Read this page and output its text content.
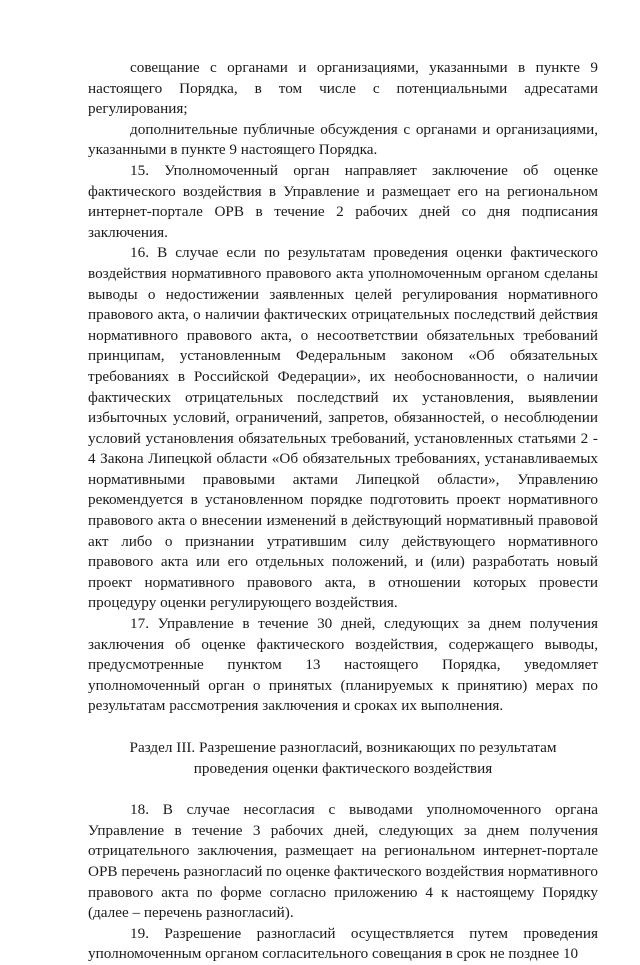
совещание с органами и организациями, указанными в пункте 9 настоящего Порядка, в том числе с потенциальными адресатами регулирования;

дополнительные публичные обсуждения с органами и организациями, указанными в пункте 9 настоящего Порядка.

15. Уполномоченный орган направляет заключение об оценке фактического воздействия в Управление и размещает его на региональном интернет-портале ОРВ в течение 2 рабочих дней со дня подписания заключения.

16. В случае если по результатам проведения оценки фактического воздействия нормативного правового акта уполномоченным органом сделаны выводы о недостижении заявленных целей регулирования нормативного правового акта, о наличии фактических отрицательных последствий действия нормативного правового акта, о несоответствии обязательных требований принципам, установленным Федеральным законом «Об обязательных требованиях в Российской Федерации», их необоснованности, о наличии фактических отрицательных последствий их установления, выявлении избыточных условий, ограничений, запретов, обязанностей, о несоблюдении условий установления обязательных требований, установленных статьями 2 - 4 Закона Липецкой области «Об обязательных требованиях, устанавливаемых нормативными правовыми актами Липецкой области», Управлению рекомендуется в установленном порядке подготовить проект нормативного правового акта о внесении изменений в действующий нормативный правовой акт либо о признании утратившим силу действующего нормативного правового акта или его отдельных положений, и (или) разработать новый проект нормативного правового акта, в отношении которых провести процедуру оценки регулирующего воздействия.

17. Управление в течение 30 дней, следующих за днем получения заключения об оценке фактического воздействия, содержащего выводы, предусмотренные пунктом 13 настоящего Порядка, уведомляет уполномоченный орган о принятых (планируемых к принятию) мерах по результатам рассмотрения заключения и сроках их выполнения.

Раздел III. Разрешение разногласий, возникающих по результатам
проведения оценки фактического воздействия

18. В случае несогласия с выводами уполномоченного органа Управление в течение 3 рабочих дней, следующих за днем получения отрицательного заключения, размещает на региональном интернет-портале ОРВ перечень разногласий по оценке фактического воздействия нормативного правового акта по форме согласно приложению 4 к настоящему Порядку (далее – перечень разногласий).

19. Разрешение разногласий осуществляется путем проведения уполномоченным органом согласительного совещания в срок не позднее 10
